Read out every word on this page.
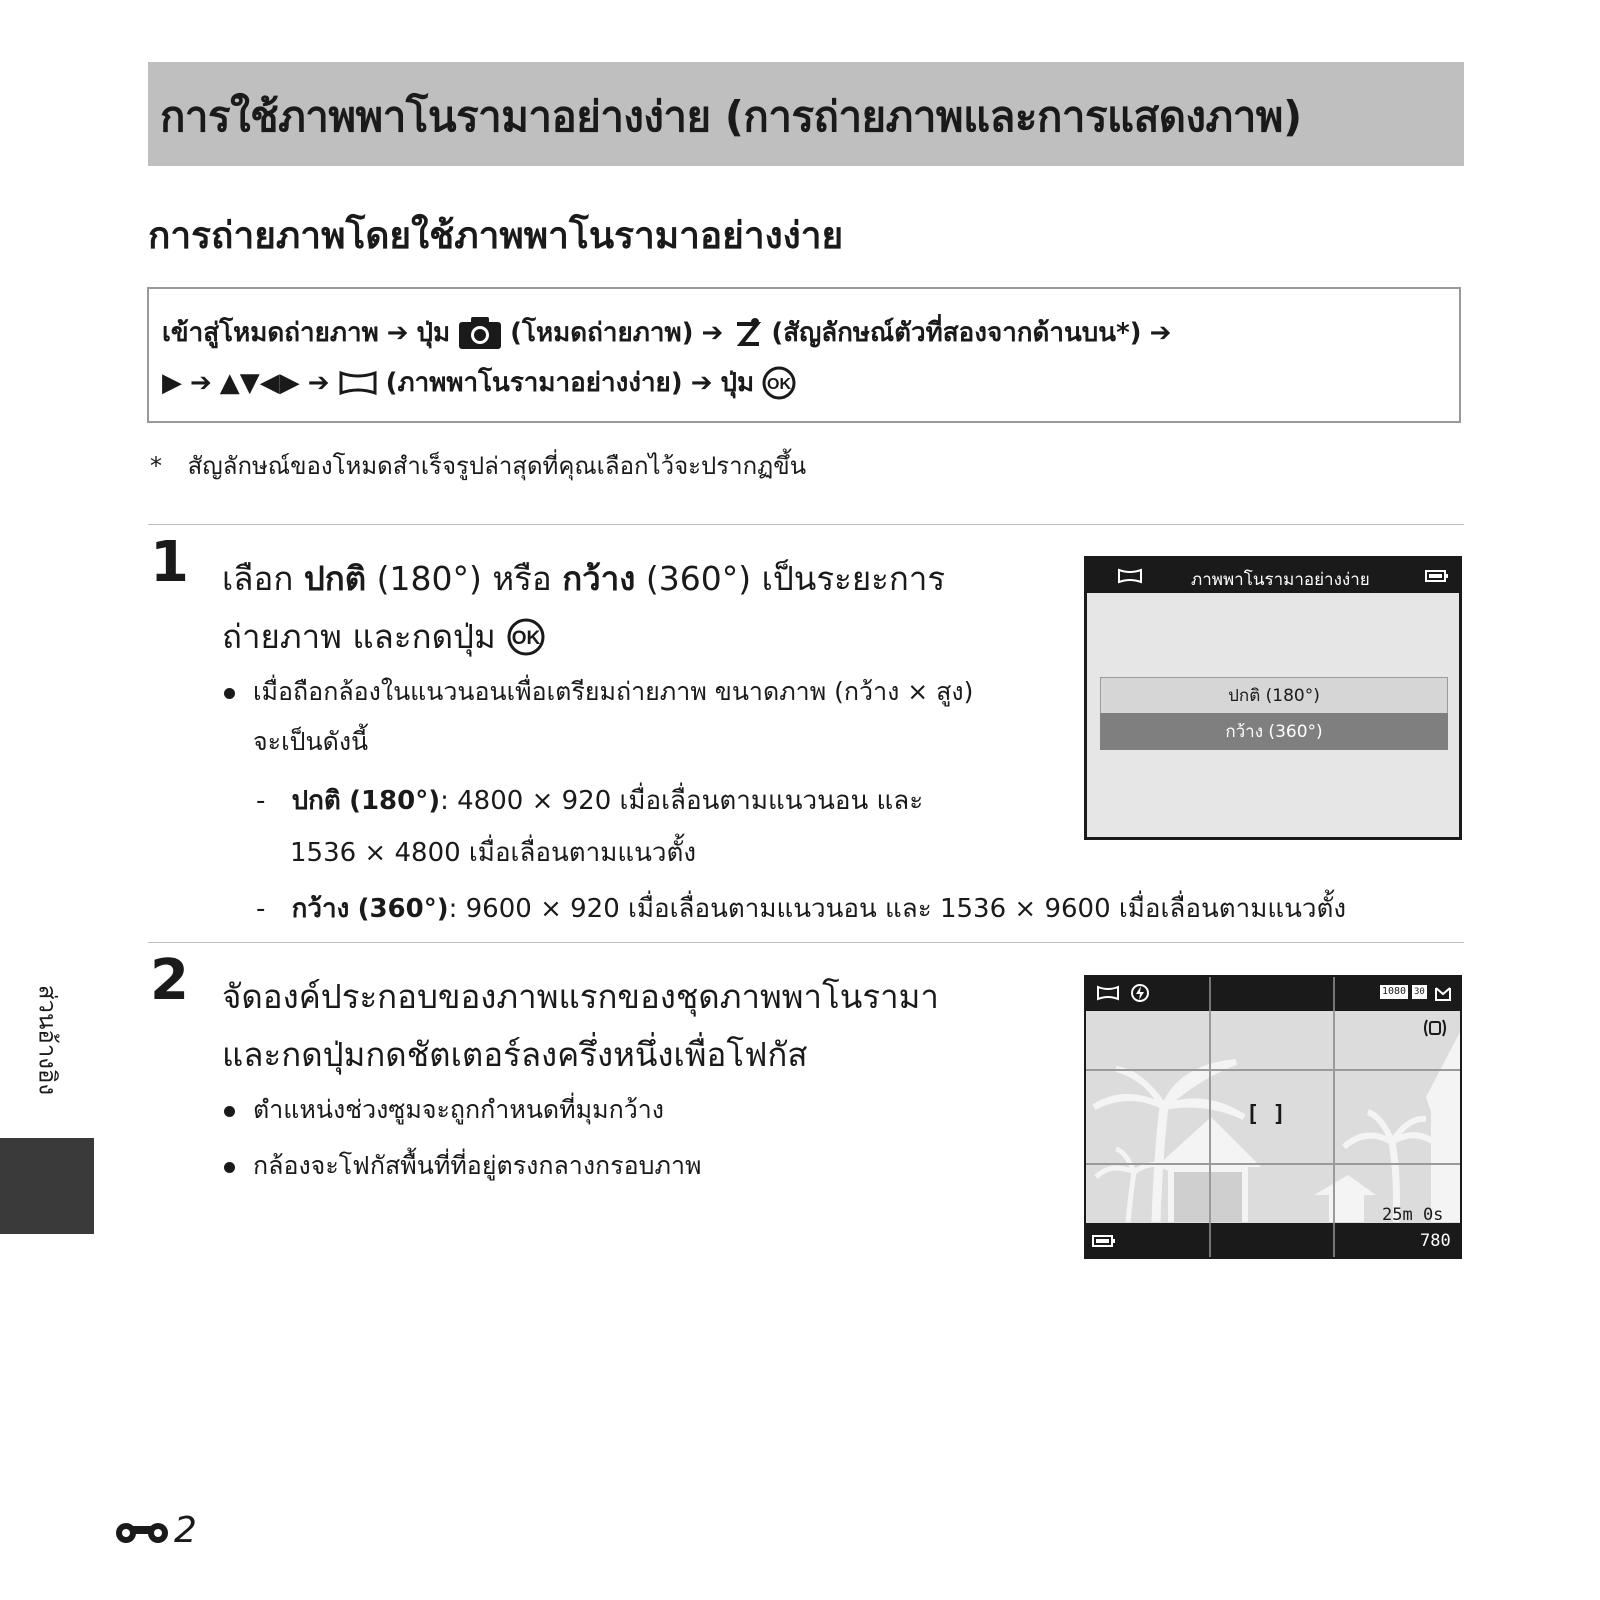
การใช้ภาพพาโนรามาอย่างง่าย (การถ่ายภาพและการแสดงภาพ)
การถ่ายภาพโดยใช้ภาพพาโนรามาอย่างง่าย
เข้าสู่โหมดถ่ายภาพ ➔ ปุ่ม (โหมดถ่ายภาพ) ➔ (สัญลักษณ์ตัวที่สองจากด้านบน*) ➔
▶ ➔ ▲▼◀▶ ➔ (ภาพพาโนรามาอย่างง่าย) ➔ ปุ่ม OK
* สัญลักษณ์ของโหมดสำเร็จรูปล่าสุดที่คุณเลือกไว้จะปรากฏขึ้น
1 เลือก ปกติ (180°) หรือ กว้าง (360°) เป็นระยะการ
ถ่ายภาพ และกดปุ่ม OK
เมื่อถือกล้องในแนวนอนเพื่อเตรียมถ่ายภาพ ขนาดภาพ (กว้าง × สูง)
จะเป็นดังนี้
- ปกติ (180°): 4800 × 920 เมื่อเลื่อนตามแนวนอน และ
1536 × 4800 เมื่อเลื่อนตามแนวตั้ง
- กว้าง (360°): 9600 × 920 เมื่อเลื่อนตามแนวนอน และ 1536 × 9600 เมื่อเลื่อนตามแนวตั้ง
ภาพพาโนรามาอย่างง่าย
ปกติ (180°)
กว้าง (360°)
2 จัดองค์ประกอบของภาพแรกของชุดภาพพาโนรามา
และกดปุ่มกดชัตเตอร์ลงครึ่งหนึ่งเพื่อโฟกัส
ตำแหน่งช่วงซูมจะถูกกำหนดที่มุมกว้าง
กล้องจะโฟกัสพื้นที่ที่อยู่ตรงกลางกรอบภาพ
1080 30
[ ]
25m 0s
780
ส่วนอ้างอิง
2
